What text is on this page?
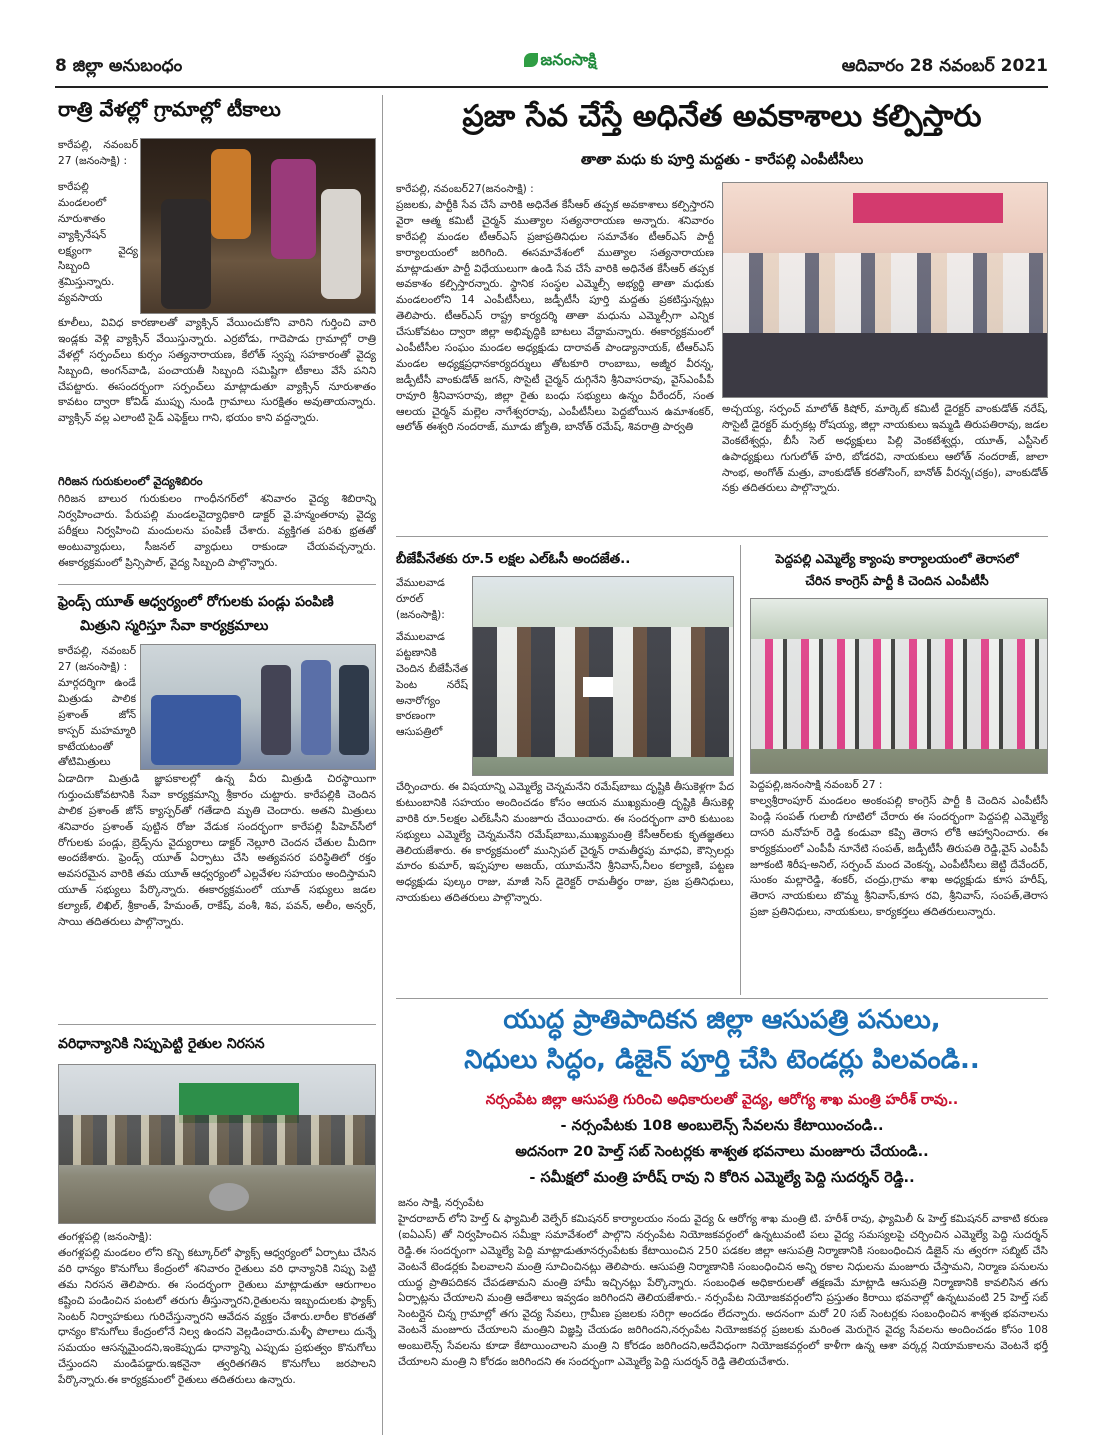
8 జిల్లా అనుబంధం	జనంసాక్షి	ఆదివారం 28 నవంబర్ 2021
రాత్రి వేళల్లో గ్రామాల్లో టీకాలు
కారేపల్లి, నవంబర్ 27 (జనంసాక్షి) :
కారేపల్లి మండలంలో నూరుశాతం వ్యాక్సినేషన్ లక్ష్యంగా వైద్య సిబ్బంది శ్రమిస్తున్నారు. వ్యవసాయ
కూలీలు, వివిధ కారణాలతో వ్యాక్సిన్ వేయించుకోని వారిని గుర్తించి వారి ఇండ్లకు వెళ్లి వ్యాక్సిన్ వేయిస్తున్నారు. ఎర్రబోడు, గాదెపాడు గ్రామాల్లో రాత్రి వేళల్లో సర్పంచ్‌లు కుర్సం సత్యనారాయణ, కేలోత్ స్వప్న సహకారంతో వైద్య సిబ్బంది, అంగన్‌వాడి, పంచాయతీ సిబ్బంది సమిష్టిగా టీకాలు వేసే పనిని చేపట్టారు. ఈసందర్భంగా సర్పంచ్‌లు మాట్లాడుతూ వ్యాక్సిన్ నూరుశాతం కావటం ద్వారా కోవిడ్ ముప్పు నుండి గ్రామాలు సురక్షితం అవుతాయన్నారు. వ్యాక్సిన్ వల్ల ఎలాంటి సైడ్ ఎఫెక్ట్‌లు గాని, భయం కాని వద్దన్నారు.
గిరిజన గురుకులంలో వైద్యశిబిరం
గిరిజన బాలుర గురుకులం గాంధీనగర్‌లో శనివారం వైద్య శిబిరాన్ని నిర్వహించారు. పేరుపల్లి మండలవైద్యాధికారి డాక్టర్ వై.హన్మంతరావు వైద్య పరీక్షలు నిర్వహించి మందులను పంపిణీ చేశారు. వ్యక్తిగత పరిశు భ్రతతో అంటువ్యాధులు, సీజనల్ వ్యాధులు రాకుండా చేయవచ్చన్నారు. ఈకార్యక్రమంలో ప్రిన్సిపాల్, వైద్య సిబ్బంది పాల్గొన్నారు.
ఫ్రెండ్స్ యూత్ ఆధ్వర్యంలో రోగులకు పండ్లు పంపిణి
మిత్రుని స్మరిస్తూ సేవా కార్యక్రమాలు
కారేపల్లి, నవంబర్ 27 (జనంసాక్షి) :
మార్గదర్శిగా ఉండే మిత్రుడు పాలిక ప్రశాంత్ జోన్ కాస్పర్ మహమ్మారి కాటేయటంతో తోటిమిత్రులు
ఏడాదిగా మిత్రుడి జ్ఞాపకాలల్లో ఉన్న వీరు మిత్రుడి చిరస్థాయిగా గుర్తుంచుకోవటానికి సేవా కార్యక్రమాన్ని శ్రీకారం చుట్టారు. కారేపల్లికి చెందిన పాలిక ప్రశాంత్ జోన్ క్యాస్పర్‌తో గతేడాది మృతి చెందారు. అతని మిత్రులు శనివారం ప్రశాంత్ పుట్టిన రోజు వేడుక సందర్భంగా కారేపల్లి పీహెచ్‌సీలో రోగులకు పండ్లు, బ్రెడ్స్‌ను వైద్యురాలు డాక్టర్ నెల్లూరి చెందన చేతుల మీదిగా అందజేశారు. ఫ్రెండ్స్ యూత్ ఏర్పాటు చేసి అత్యవసర పరిస్థితిలో రక్తం అవసరమైన వారికి తమ యూత్ ఆధ్వర్యంలో ఎల్లవేళల సహయం అందిస్తామని యూత్ సభ్యులు పేర్కొన్నారు. ఈకార్యక్రమంలో యూత్ సభ్యులు జడల కల్యాణ్, లిఖిల్, శ్రీకాంత్, హేమంత్, రాకేష్, వంశీ, శివ, పవన్, అలీం, అన్వర్, సాయి తదితరులు పాల్గొన్నారు.
వరిధాన్యానికి నిప్పుపెట్టి రైతుల నిరసన
తంగళ్లపల్లి (జనంసాక్షి):
తంగళ్లపల్లి మండలం లోని కస్బె కట్కూర్‌లో ఫ్యాక్స్ ఆధ్వర్యంలో ఏర్పాటు చేసిన వరి ధాన్యం కొనుగోలు కేంద్రంలో శనివారం రైతులు వరి ధాన్యానికి నిప్పు పెట్టి తమ నిరసన తెలిపారు. ఈ సందర్భంగా రైతులు మాట్లాడుతూ ఆరుగాలం కష్టించి పండించిన పంటలో తరుగు తీస్తున్నారని,రైతులను ఇబ్బందులకు ఫ్యాక్స్ సెంటర్ నిర్వాహకులు గురిచేస్తున్నారని ఆవేదన వ్యక్తం చేశారు.లారీల కొరతతో ధాన్యం కొనుగోలు కేంద్రంలోనే నిల్వ ఉందని వెల్లడించారు.మళ్ళీ పొలాలు దున్నే సమయం ఆసన్నమైందని,ఇంకెప్పుడు ధాన్యాన్ని ఎప్పుడు ప్రభుత్వం కొనుగోలు చేస్తుందని మండిపడ్డారు.ఇకనైనా త్వరితగతిన కొనుగోలు జరపాలని పేర్కొన్నారు.ఈ కార్యక్రమంలో రైతులు తదితరులు ఉన్నారు.
ప్రజా సేవ చేస్తే అధినేత అవకాశాలు కల్పిస్తారు
తాతా మధు కు పూర్తి మద్దతు - కారేపల్లి ఎంపీటీసీలు
కారేపల్లి, నవంబర్27(జనంసాక్షి) :
ప్రజలకు, పార్టీకి సేవ చేసే వారికి అధినేత కేసీఆర్ తప్పక అవకాశాలు కల్పిస్తారని వైరా ఆత్మ కమిటీ చైర్మన్ ముత్యాల సత్యనారాయణ అన్నారు. శనివారం కారేపల్లి మండల టీఆర్ఎస్ ప్రజాప్రతినిధుల సమావేశం టీఆర్ఎస్ పార్టీ కార్యాలయంలో జరిగింది. ఈసమావేశంలో ముత్యాల సత్యనారాయణ మాట్లాడుతూ పార్టీ విధేయులుగా ఉండి సేవ చేసే వారికి అధినేత కేసీఆర్ తప్పక అవకాశం కల్పిస్తారన్నారు. స్థానిక సంస్థల ఎమ్మెల్సీ అభ్యర్థి తాతా మధుకు మండలంలోని 14 ఎంపీటీసీలు, జడ్పీటీసీ పూర్తి మద్దతు ప్రకటిస్తున్నట్లు తెలిపారు. టీఆర్ఎస్ రాష్ట్ర కార్యదర్శి తాతా మధును ఎమ్మెల్సీగా ఎన్నిక చేసుకోవటం ద్వారా జిల్లా అభివృద్ధికి బాటలు వేద్దామన్నారు. ఈకార్యక్రమంలో ఎంపీటీసీల సంఘం మండల అధ్యక్షుడు దారావత్ పాండ్యానాయక్, టీఆర్ఎస్ మండల అధ్యక్షప్రధానకార్యదర్శులు తోటకూరి రాంబాబు, అజ్మీర వీరన్న, జడ్పీటీసీ వాంకుడోత్ జగన్, సొసైటీ చైర్మన్ దుగ్గినేని శ్రీనివాసరావు, వైస్ఎంపీపీ రావూరి శ్రీనివాసరావు, జిల్లా రైతు బంధు సభ్యులు ఉన్నం వీరేందర్, సంత ఆలయ చైర్మన్ మల్లెల నాగేశ్వరరావు, ఎంపీటీసీలు పెద్దబోయిన ఉమాశంకర్, ఆలోత్ ఈశ్వరి నందరాజ్, మూడు జ్యోతి, బానోత్ రమేష్, శివరాత్రి పార్వతి
అచ్చయ్య, సర్పంచ్ మాలోత్ కిషోర్, మార్కెట్ కమిటీ డైరక్టర్ వాంకుడోత్ నరేష్, సొసైటీ డైరక్టర్ మర్సకట్ల రోషయ్య, జిల్లా నాయకులు ఇమ్మడి తిరుపతిరావు, జడల వెంకటేశ్వర్లు, బీసీ సెల్ అధ్యక్షులు పిల్లి వెంకటేశ్వర్లు, యూత్, ఎస్టీసెల్ ఉపాధ్యక్షులు గుగులోత్ హరి, బోడరవి, నాయకులు ఆలోత్ నందరాజ్, జాలా సాంభ, అంగోత్ మత్రు, వాంకుడోత్ కరతోసింగ్, బానోత్ వీరన్న(చక్రం), వాంకుడోత్ నక్రు తదితరులు పాల్గొన్నారు.
బీజేపీనేతకు రూ.5 లక్షల ఎల్ఓసీ అందజేత..
వేములవాడ రూరల్ (జనంసాక్షి):
వేములవాడ పట్టణానికి చెందిన బీజేపీనేత పెంట నరేష్ అనారోగ్యం కారణంగా ఆసుపత్రిలో
చేర్పించారు. ఈ విషయాన్ని ఎమ్మెల్యే చెన్నమనేని రమేష్‌బాబు దృష్టికి తీసుకెళ్లగా పేద కుటుంబానికి సహయం అందించడం కోసం ఆయన ముఖ్యమంత్రి దృష్టికి తీసుకెళ్లి వారికి రూ.5లక్షల ఎల్ఓసీని మంజూరు చేయించారు. ఈ సందర్భంగా వారి కుటుంబ సభ్యులు ఎమ్మెల్యే చెన్నమనేని రమేష్‌బాబు,ముఖ్యమంత్రి కేసీఆర్‌లకు కృతజ్ఞతలు తెలియజేశారు. ఈ కార్యక్రమంలో మున్సిపల్ చైర్మన్ రామతీర్థపు మాధవి, కౌన్సిలర్లు మారం కుమార్, ఇప్పపూల అజయ్, యూమనేని శ్రీనివాస్,నీలం కల్యాణి, పట్టణ అధ్యక్షుడు పుల్కం రాజు, మాజీ సెస్ డైరెక్టర్ రామతీర్థం రాజు, ప్రజ ప్రతినిధులు, నాయకులు తదితరులు పాల్గొన్నారు.
పెద్దపల్లి ఎమ్మెల్యే క్యాంపు కార్యాలయంలో తెరాసలో
చేరిన కాంగ్రెస్ పార్టీ కి చెందిన ఎంపీటీసీ
పెద్దపల్లి,జనంసాక్షి నవంబర్ 27 :
కాల్వశ్రీరాంపూర్ మండలం అంకంపల్లి కాంగ్రెస్ పార్టీ కి చెందిన ఎంపీటీసీ పెండ్లి సంపత్ గులాబీ గూటిలో చేరారు ఈ సందర్భంగా పెద్దపల్లి ఎమ్మెల్యే దాసరి మనోహర్ రెడ్డి కండువా కప్పి తెరాస లోకి ఆహ్వానించారు. ఈ కార్యక్రమంలో ఎంపీపీ నూనేటి సంపత్, జడ్పీటీసీ తిరుపతి రెడ్డి,వైస్ ఎంపీపీ జూకంటి శిరీష-అనిల్, సర్పంచ్ మంద వెంకన్న, ఎంపీటీసీలు జెట్టి దేవేందర్, సుంకం మల్లారెడ్డి, శంకర్, చంద్రు,గ్రామ శాఖ అధ్యక్షుడు కూస హరీష్, తెరాస నాయకులు బొమ్మ శ్రీనివాస్,కూస రవి, శ్రీనివాస్, సంపత్,తెరాస ప్రజా ప్రతినిధులు, నాయకులు, కార్యకర్తలు తదితరులున్నారు.
యుద్ధ ప్రాతిపాదికన జిల్లా ఆసుపత్రి పనులు,
నిధులు సిద్ధం, డిజైన్ పూర్తి చేసి టెండర్లు పిలవండి..
నర్సంపేట జిల్లా ఆసుపత్రి గురించి అధికారులతో వైద్య, ఆరోగ్య శాఖ మంత్రి హరీశ్ రావు..
- నర్సంపేటకు 108 అంబులెన్స్ సేవలను కేటాయించండి..
అదనంగా 20 హెల్త్ సబ్ సెంటర్లకు శాశ్వత భవనాలు మంజూరు చేయండి..
- సమీక్షలో మంత్రి హరీష్ రావు ని కోరిన ఎమ్మెల్యే పెద్ది సుదర్శన్ రెడ్డి..
జనం సాక్షి, నర్సంపేట
హైదరాబాద్ లోని హెల్త్ & ఫ్యామిలీ వెల్ఫేర్ కమిషనర్ కార్యాలయం నందు వైద్య & ఆరోగ్య శాఖ మంత్రి టి. హరీశ్ రావు, ఫ్యామిలీ & హెల్త్ కమిషనర్ వాకాటి కరుణ (ఐఏఎస్) తో నిర్వహించిన సమీక్షా సమావేశంలో పాల్గొని నర్సంపేట నియోజకవర్గంలో ఉన్నటువంటి పలు వైద్య సమస్యలపై చర్చించిన ఎమ్మెల్యే పెద్ది సుదర్శన్ రెడ్డి.ఈ సందర్భంగా ఎమ్మెల్యే పెద్ది మాట్లాడుతూనర్సంపేటకు కేటాయించిన 250 పడకల జిల్లా ఆసుపత్రి నిర్మాణానికి సంబంధించిన డిజైన్ ను త్వరగా సబ్మిట్ చేసి వెంటనే టెండర్లకు పిలవాలని మంత్రి సూచించినట్లు తెలిపారు. ఆసుపత్రి నిర్మాణానికి సంబంధించిన అన్ని రకాల నిధులను మంజూరు చేస్తామని, నిర్మాణ పనులను యుద్ధ ప్రాతిపదికన చేపడతామని మంత్రి హామీ ఇచ్చినట్లు పేర్కొన్నారు. సంబంధిత అధికారులతో తక్షణమే మాట్లాడి ఆసుపత్రి నిర్మాణానికి కావలిసిన తగు ఏర్పాట్లను చేయాలని మంత్రి ఆదేశాలు ఇవ్వడం జరిగిందని తెలియజేశారు.- నర్సంపేట నియోజకవర్గంలోని ప్రస్తుతం కిరాయి భవనాల్లో ఉన్నటువంటి 25 హెల్త్ సబ్ సెంటర్లైన చిన్న గ్రామాల్లో తగు వైద్య సేవలు, గ్రామీణ ప్రజలకు సరిగ్గా అందడం లేదన్నారు. అదనంగా మరో 20 సబ్ సెంటర్లకు సంబంధించిన శాశ్వత భవనాలను వెంటనే మంజూరు చేయాలని మంత్రిని విజ్ఞప్తి చేయడం జరిగిందని,నర్సంపేట నియోజకవర్గ ప్రజలకు మరింత మెరుగైన వైద్య సేవలను అందించడం కోసం 108 అంబులెన్స్ సేవలను కూడా కేటాయించాలని మంత్రి ని కోరడం జరిగిందని,అదేవిధంగా నియోజకవర్గంలో కాళీగా ఉన్న ఆశా వర్కర్ల నియామకాలను వెంటనే భర్తీ చేయాలని మంత్రి ని కోరడం జరిగిందని ఈ సందర్భంగా ఎమ్మెల్యే పెద్ది సుదర్శన్ రెడ్డి తెలియచేశారు.
